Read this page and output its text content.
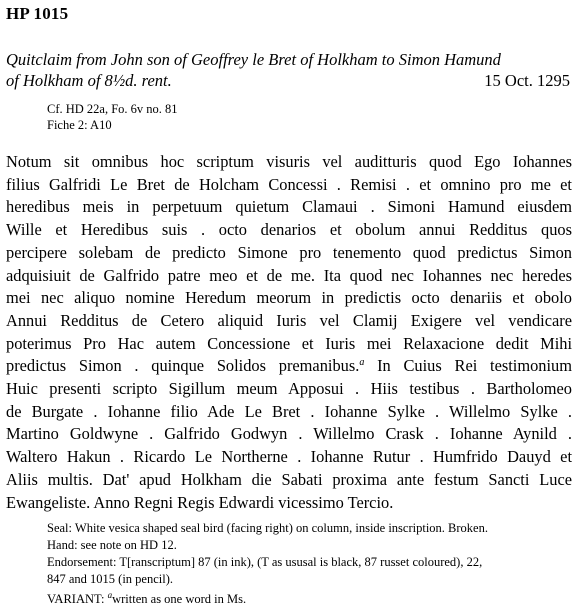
HP 1015
Quitclaim from John son of Geoffrey le Bret of Holkham to Simon Hamund
of Holkham of 8½d. rent.	15 Oct. 1295
Cf. HD 22a, Fo. 6v no. 81
Fiche 2: A10
Notum sit omnibus hoc scriptum visuris vel auditturis quod Ego Iohannes
filius Galfridi Le Bret de Holcham Concessi . Remisi . et omnino pro me et
heredibus meis in perpetuum quietum Clamaui . Simoni Hamund eiusdem
Wille et Heredibus suis . octo denarios et obolum annui Redditus quos
percipere solebam de predicto Simone pro tenemento quod predictus Simon
adquisiuit de Galfrido patre meo et de me. Ita quod nec Iohannes nec heredes
mei nec aliquo nomine Heredum meorum in predictis octo denariis et obolo
Annui Redditus de Cetero aliquid Iuris vel Clamij Exigere vel vendicare
poterimus Pro Hac autem Concessione et Iuris mei Relaxacione dedit Mihi
predictus Simon . quinque Solidos premanibus.$^a$ In Cuius Rei testimonium
Huic presenti scripto Sigillum meum Apposui . Hiis testibus . Bartholomeo
de Burgate . Iohanne filio Ade Le Bret . Iohanne Sylke . Willelmo Sylke .
Martino Goldwyne . Galfrido Godwyn . Willelmo Crask . Iohanne Aynild .
Waltero Hakun . Ricardo Le Northerne . Iohanne Rutur . Humfrido Dauyd et
Aliis multis. Dat' apud Holkham die Sabati proxima ante festum Sancti Luce
Ewangeliste. Anno Regni Regis Edwardi vicessimo Tercio.
Seal: White vesica shaped seal bird (facing right) on column, inside inscription. Broken.
Hand: see note on HD 12.
Endorsement: T[ranscriptum] 87 (in ink), (T as ususal is black, 87 russet coloured), 22,
847 and 1015 (in pencil).
VARIANT: $^a$written as one word in Ms.
